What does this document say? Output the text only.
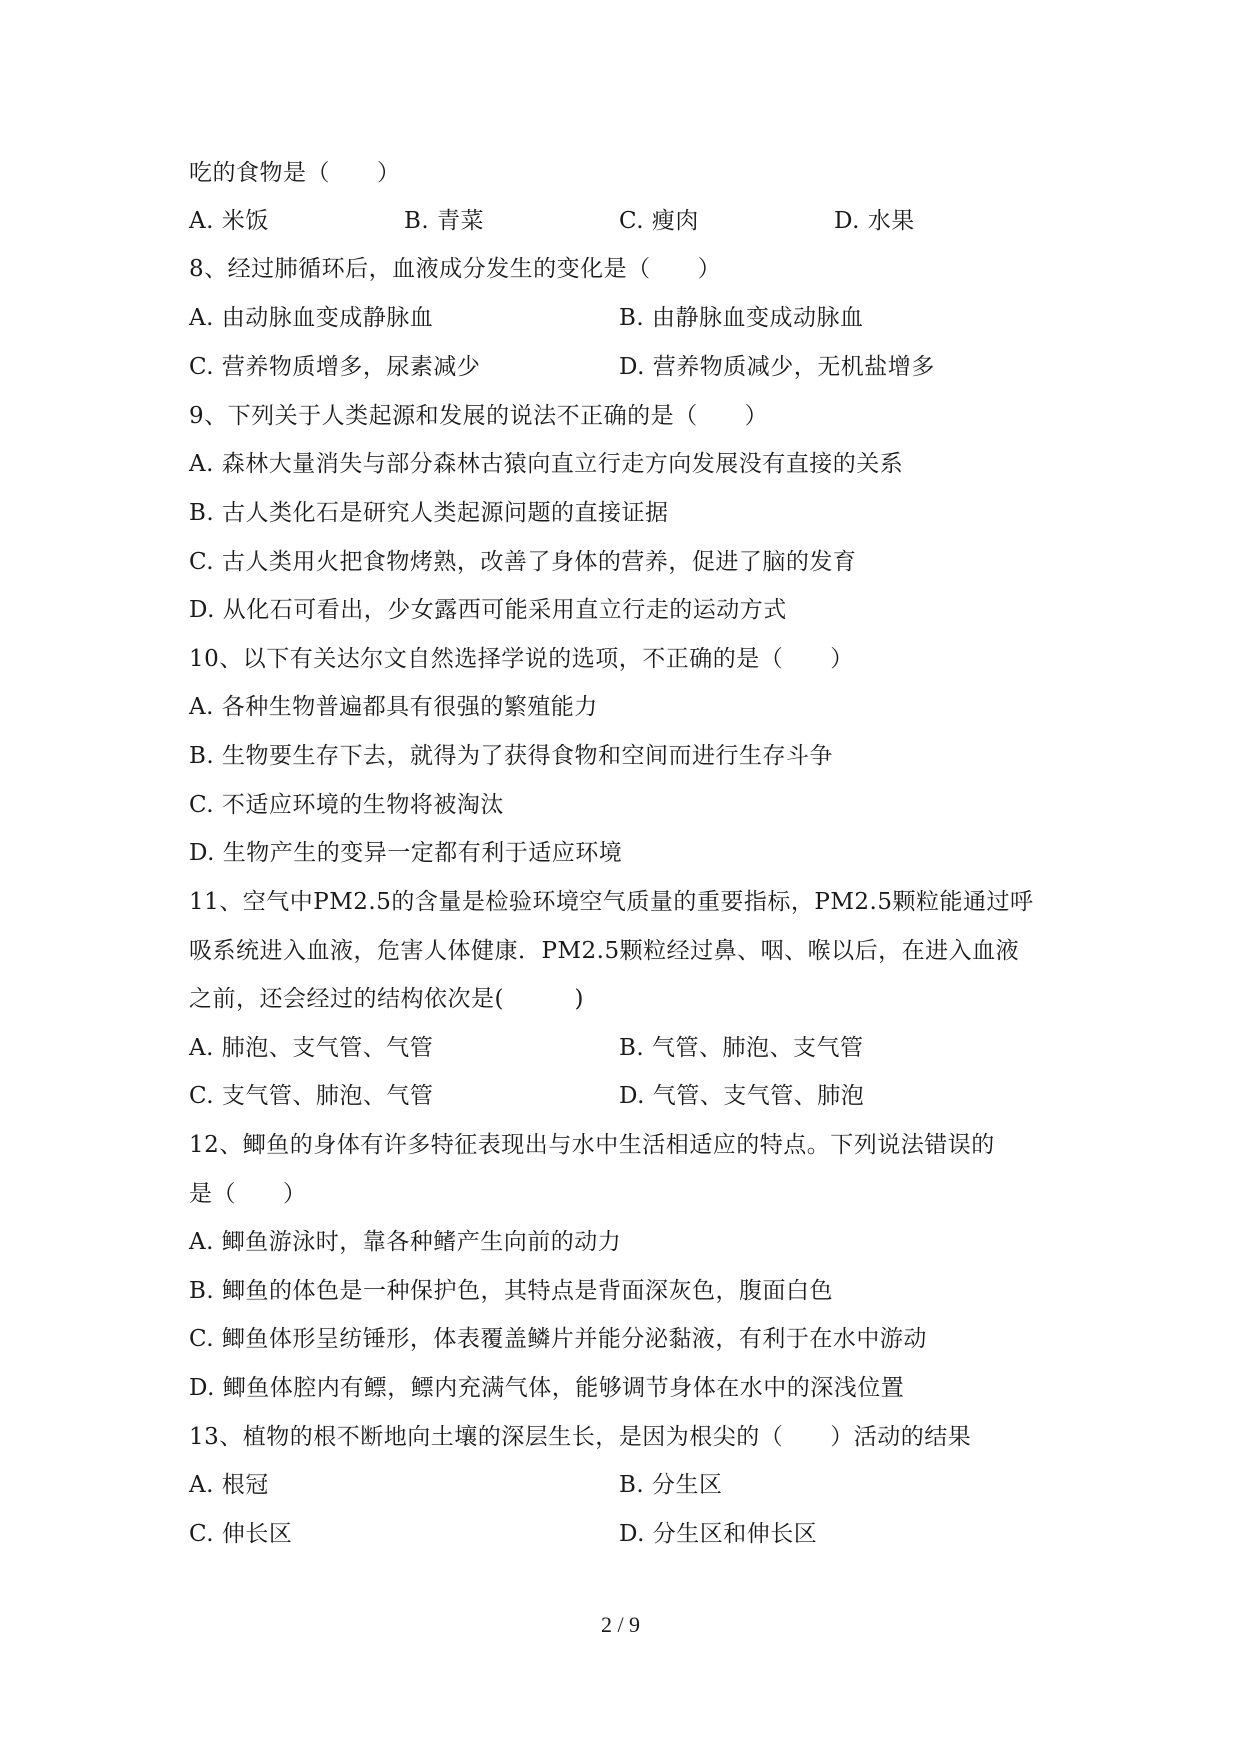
吃的食物是（　　）
A. 米饭	B. 青菜	C. 瘦肉	D. 水果
8、经过肺循环后，血液成分发生的变化是（　　）
A. 由动脉血变成静脉血	B. 由静脉血变成动脉血
C. 营养物质增多，尿素减少	D. 营养物质减少，无机盐增多
9、下列关于人类起源和发展的说法不正确的是（　　）
A. 森林大量消失与部分森林古猿向直立行走方向发展没有直接的关系
B. 古人类化石是研究人类起源问题的直接证据
C. 古人类用火把食物烤熟，改善了身体的营养，促进了脑的发育
D. 从化石可看出，少女露西可能采用直立行走的运动方式
10、以下有关达尔文自然选择学说的选项，不正确的是（　　）
A. 各种生物普遍都具有很强的繁殖能力
B. 生物要生存下去，就得为了获得食物和空间而进行生存斗争
C. 不适应环境的生物将被淘汰
D. 生物产生的变异一定都有利于适应环境
11、空气中PM2.5的含量是检验环境空气质量的重要指标，PM2.5颗粒能通过呼
吸系统进入血液，危害人体健康．PM2.5颗粒经过鼻、咽、喉以后，在进入血液
之前，还会经过的结构依次是(　　　)
A. 肺泡、支气管、气管	B. 气管、肺泡、支气管
C. 支气管、肺泡、气管	D. 气管、支气管、肺泡
12、鲫鱼的身体有许多特征表现出与水中生活相适应的特点。下列说法错误的
是（　　）
A. 鲫鱼游泳时，靠各种鳍产生向前的动力
B. 鲫鱼的体色是一种保护色，其特点是背面深灰色，腹面白色
C. 鲫鱼体形呈纺锤形，体表覆盖鳞片并能分泌黏液，有利于在水中游动
D. 鲫鱼体腔内有鳔，鳔内充满气体，能够调节身体在水中的深浅位置
13、植物的根不断地向土壤的深层生长，是因为根尖的（　　）活动的结果
A. 根冠	B. 分生区
C. 伸长区	D. 分生区和伸长区
2 / 9
